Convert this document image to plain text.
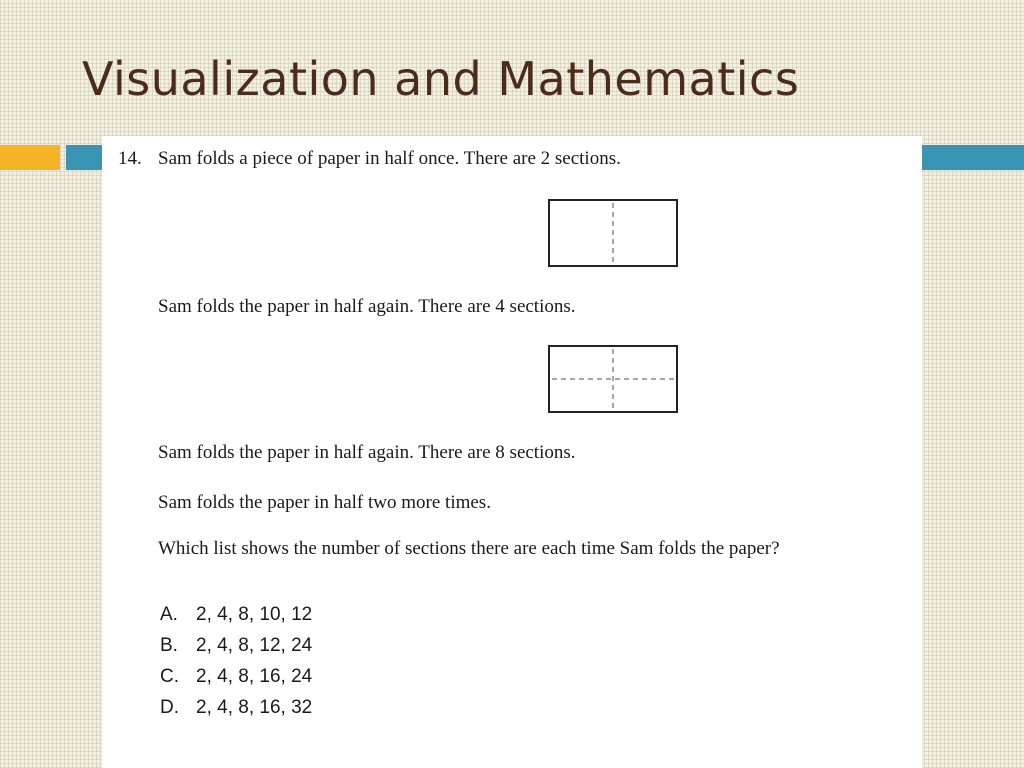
Visualization and Mathematics

14. Sam folds a piece of paper in half once. There are 2 sections.

Sam folds the paper in half again. There are 4 sections.

Sam folds the paper in half again. There are 8 sections.

Sam folds the paper in half two more times.

Which list shows the number of sections there are each time Sam folds the paper?

A. 2, 4, 8, 10, 12
B. 2, 4, 8, 12, 24
C. 2, 4, 8, 16, 24
D. 2, 4, 8, 16, 32
